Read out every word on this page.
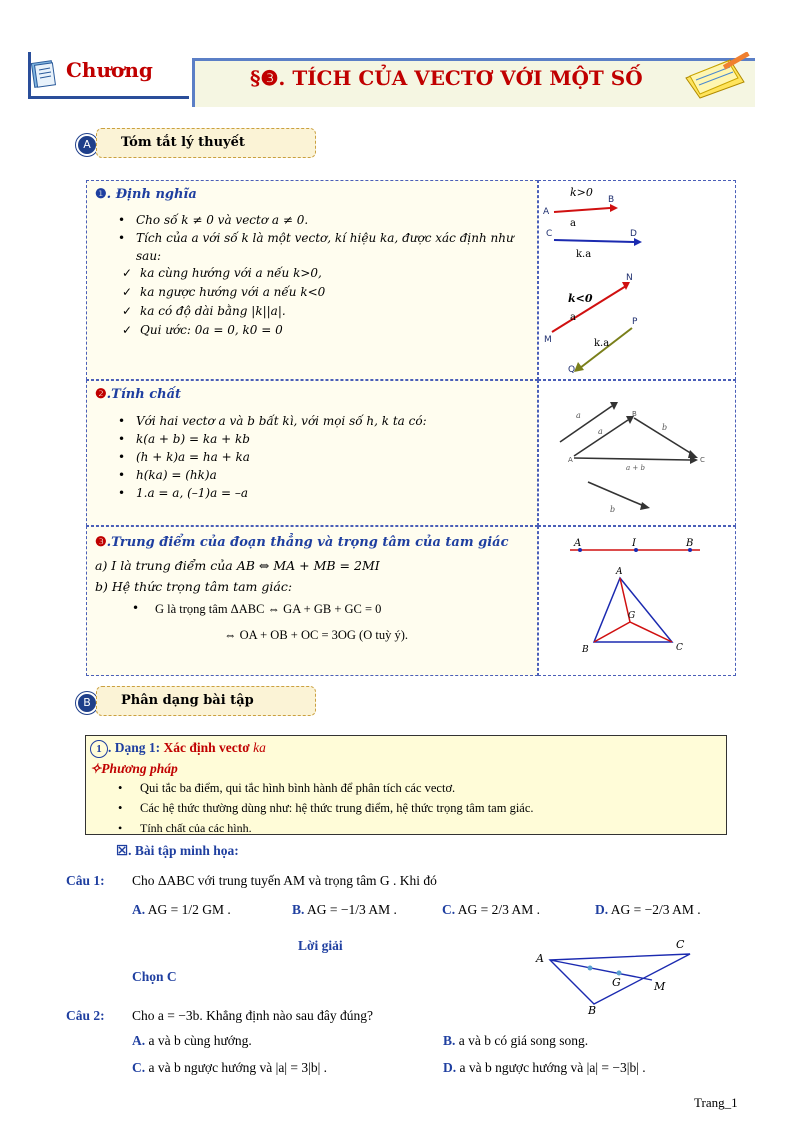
Chương	§❸. TÍCH CỦA VECTƠ VỚI MỘT SỐ
A	Tóm tắt lý thuyết
❶. Định nghĩa
• Cho số k ≠ 0 và vectơ a ≠ 0.
• Tích của a với số k là một vectơ, kí hiệu ka, được xác định như sau:
✓ ka cùng hướng với a nếu k>0,
✓ ka ngược hướng với a nếu k<0
✓ ka có độ dài bằng |k||a|.
✓ Qui ước: 0a = 0, k0 = 0
k>0
A
B
a
C	D
k.a
k<0
M
N
a	P
Q
k.a
❷.Tính chất
• Với hai vectơ a và b bất kì, với mọi số h, k ta có:
• k(a + b) = ka + kb
• (h + k)a = ha + ka
• h(ka) = (hk)a
• 1.a = a, (–1)a = –a
a
a	b
A
B
C
a + b
b
❸.Trung điểm của đoạn thẳng và trọng tâm của tam giác
a) I là trung điểm của AB ⇔ MA + MB = 2MI
b) Hệ thức trọng tâm tam giác:
• G là trọng tâm ΔABC ⇔ GA + GB + GC = 0
⇔ OA + OB + OC = 3OG (O tuỳ ý).
A	I	B
A
G
B	C
B	Phân dạng bài tập
1 . Dạng 1: Xác định vectơ ka
✧Phương pháp
• Qui tắc ba điểm, qui tắc hình bình hành để phân tích các vectơ.
• Các hệ thức thường dùng như: hệ thức trung điểm, hệ thức trọng tâm tam giác.
• Tính chất của các hình.
☒. Bài tập minh họa:
Câu 1: Cho ΔABC với trung tuyến AM và trọng tâm G . Khi đó
A. AG = 1/2 GM .	B. AG = −1/3 AM .	C. AG = 2/3 AM .	D. AG = −2/3 AM .
Lời giải
Chọn C
A
C
G	M
B
Câu 2: Cho a = −3b. Khẳng định nào sau đây đúng?
A. a và b cùng hướng.	B. a và b có giá song song.
C. a và b ngược hướng và |a| = 3|b| .	D. a và b ngược hướng và |a| = −3|b| .
Trang_1
